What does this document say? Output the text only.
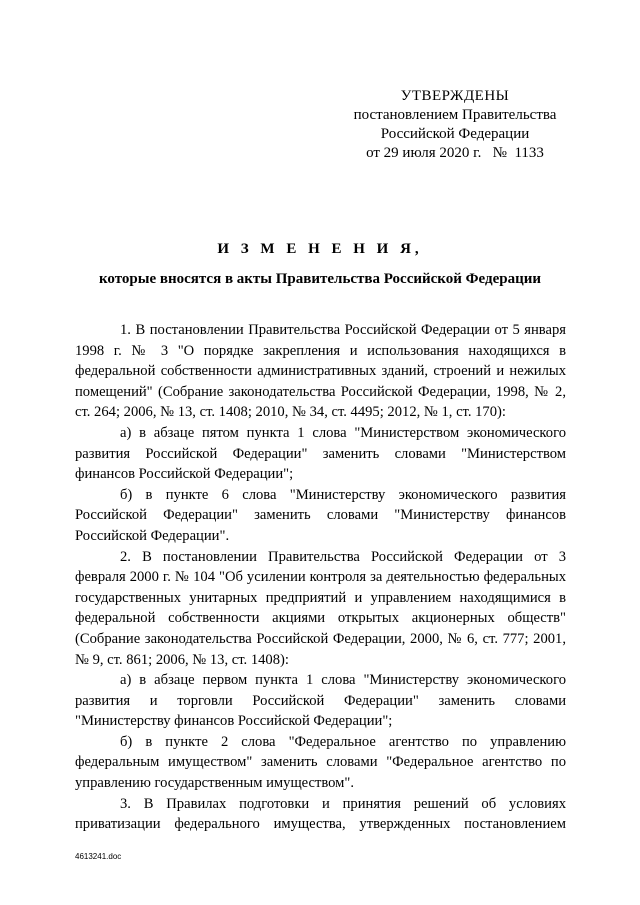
УТВЕРЖДЕНЫ
постановлением Правительства
Российской Федерации
от 29 июля 2020 г.   №  1133
И З М Е Н Е Н И Я,
которые вносятся в акты Правительства Российской Федерации

1. В постановлении Правительства Российской Федерации от 5 января 1998 г. № 3 "О порядке закрепления и использования находящихся в федеральной собственности административных зданий, строений и нежилых помещений" (Собрание законодательства Российской Федерации, 1998, № 2, ст. 264; 2006, № 13, ст. 1408; 2010, № 34, ст. 4495; 2012, № 1, ст. 170):

а) в абзаце пятом пункта 1 слова "Министерством экономического развития Российской Федерации" заменить словами "Министерством финансов Российской Федерации";

б) в пункте 6 слова "Министерству экономического развития Российской Федерации" заменить словами "Министерству финансов Российской Федерации".

2. В постановлении Правительства Российской Федерации от 3 февраля 2000 г. № 104 "Об усилении контроля за деятельностью федеральных государственных унитарных предприятий и управлением находящимися в федеральной собственности акциями открытых акционерных обществ" (Собрание законодательства Российской Федерации, 2000, № 6, ст. 777; 2001, № 9, ст. 861; 2006, № 13, ст. 1408):

а) в абзаце первом пункта 1 слова "Министерству экономического развития и торговли Российской Федерации" заменить словами "Министерству финансов Российской Федерации";

б) в пункте 2 слова "Федеральное агентство по управлению федеральным имуществом" заменить словами "Федеральное агентство по управлению государственным имуществом".

3. В Правилах подготовки и принятия решений об условиях приватизации федерального имущества, утвержденных постановлением

4613241.doc
